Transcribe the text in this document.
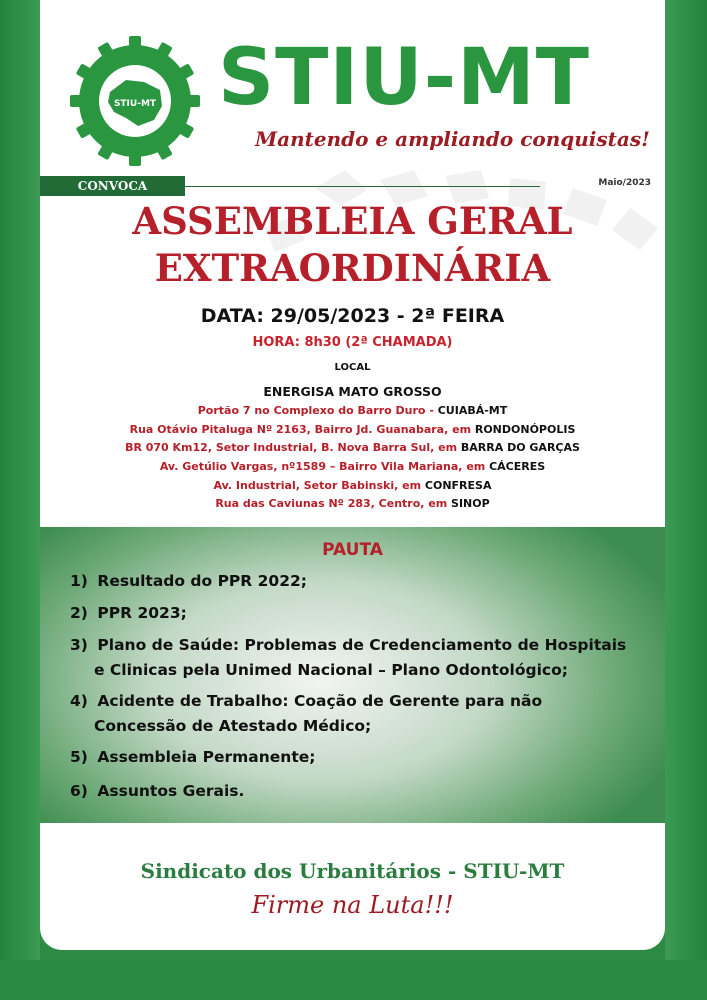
STIU-MT STIU-MT
Mantendo e ampliando conquistas!
CONVOCA	Maio/2023
ASSEMBLEIA GERAL
EXTRAORDINÁRIA
DATA: 29/05/2023 - 2ª FEIRA
HORA: 8h30 (2ª CHAMADA)
LOCAL
ENERGISA MATO GROSSO
Portão 7 no Complexo do Barro Duro - CUIABÁ-MT
Rua Otávio Pitaluga Nº 2163, Bairro Jd. Guanabara, em RONDONÓPOLIS
BR 070 Km12, Setor Industrial, B. Nova Barra Sul, em BARRA DO GARÇAS
Av. Getúlio Vargas, nº1589 – Bairro Vila Mariana, em CÁCERES
Av. Industrial, Setor Babinski, em CONFRESA
Rua das Caviunas Nº 283, Centro, em SINOP
PAUTA
1) Resultado do PPR 2022;
2) PPR 2023;
3) Plano de Saúde: Problemas de Credenciamento de Hospitais
e Clinicas pela Unimed Nacional – Plano Odontológico;
4) Acidente de Trabalho: Coação de Gerente para não
Concessão de Atestado Médico;
5) Assembleia Permanente;
6) Assuntos Gerais.
Sindicato dos Urbanitários - STIU-MT
Firme na Luta!!!
